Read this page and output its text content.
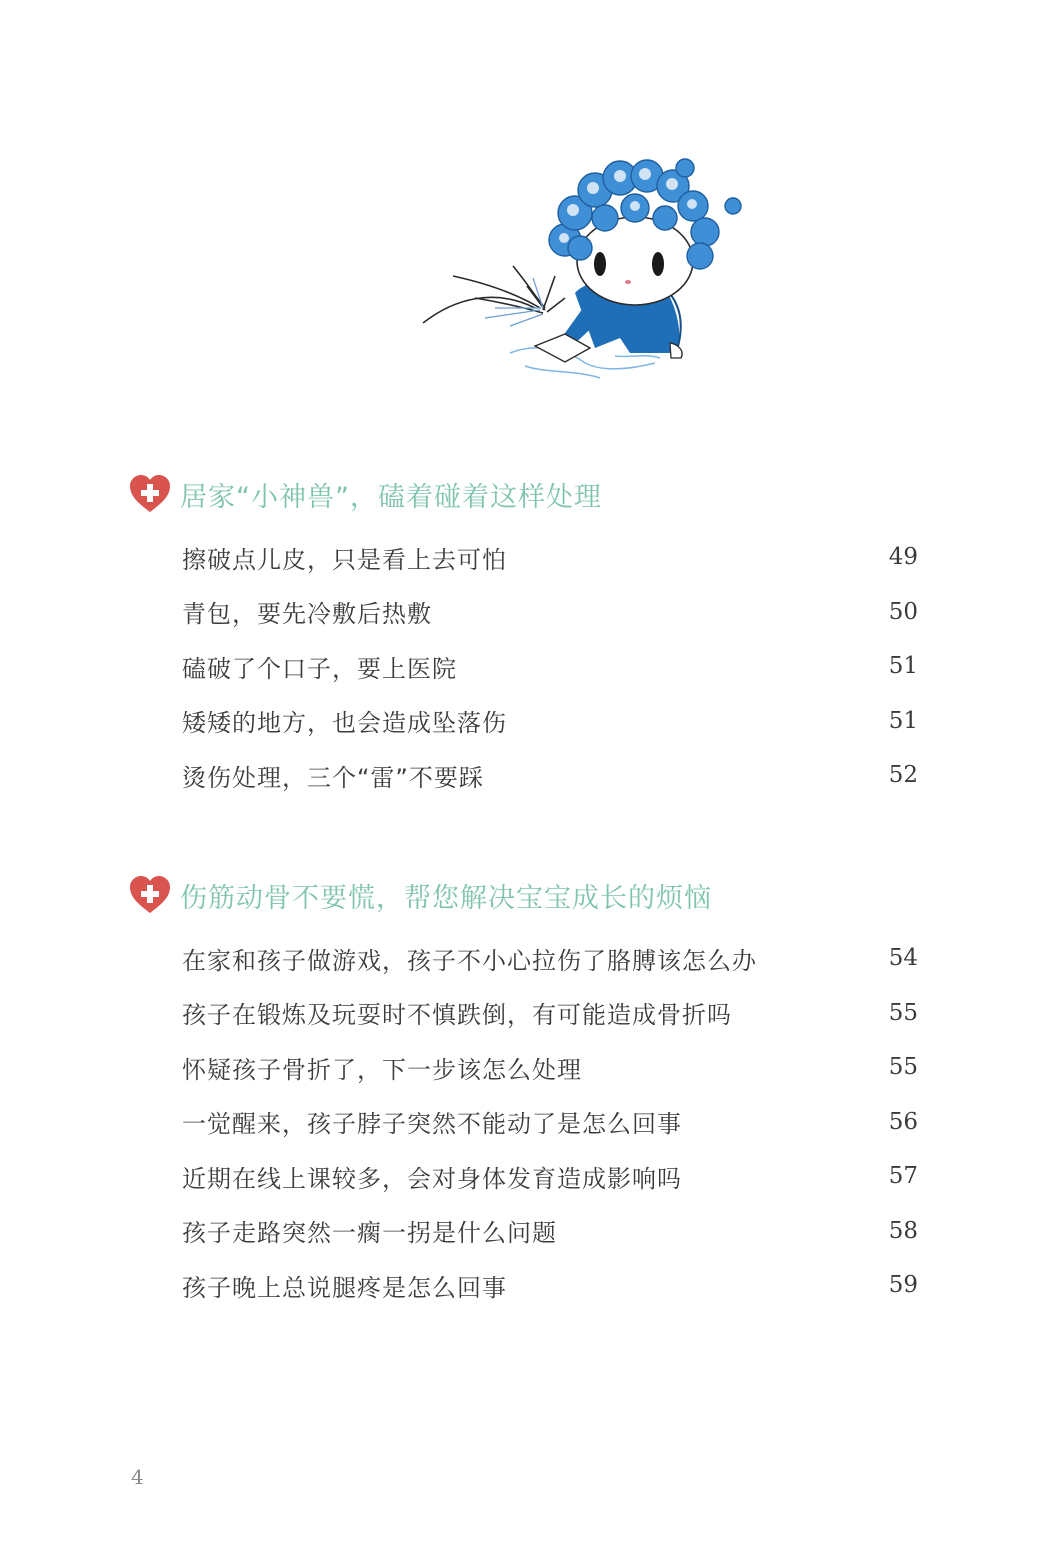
居家“小神兽”，磕着碰着这样处理
擦破点儿皮，只是看上去可怕	49
青包，要先冷敷后热敷	50
磕破了个口子，要上医院	51
矮矮的地方，也会造成坠落伤	51
烫伤处理，三个“雷”不要踩	52
伤筋动骨不要慌，帮您解决宝宝成长的烦恼
在家和孩子做游戏，孩子不小心拉伤了胳膊该怎么办	54
孩子在锻炼及玩耍时不慎跌倒，有可能造成骨折吗	55
怀疑孩子骨折了，下一步该怎么处理	55
一觉醒来，孩子脖子突然不能动了是怎么回事	56
近期在线上课较多，会对身体发育造成影响吗	57
孩子走路突然一瘸一拐是什么问题	58
孩子晚上总说腿疼是怎么回事	59
4
